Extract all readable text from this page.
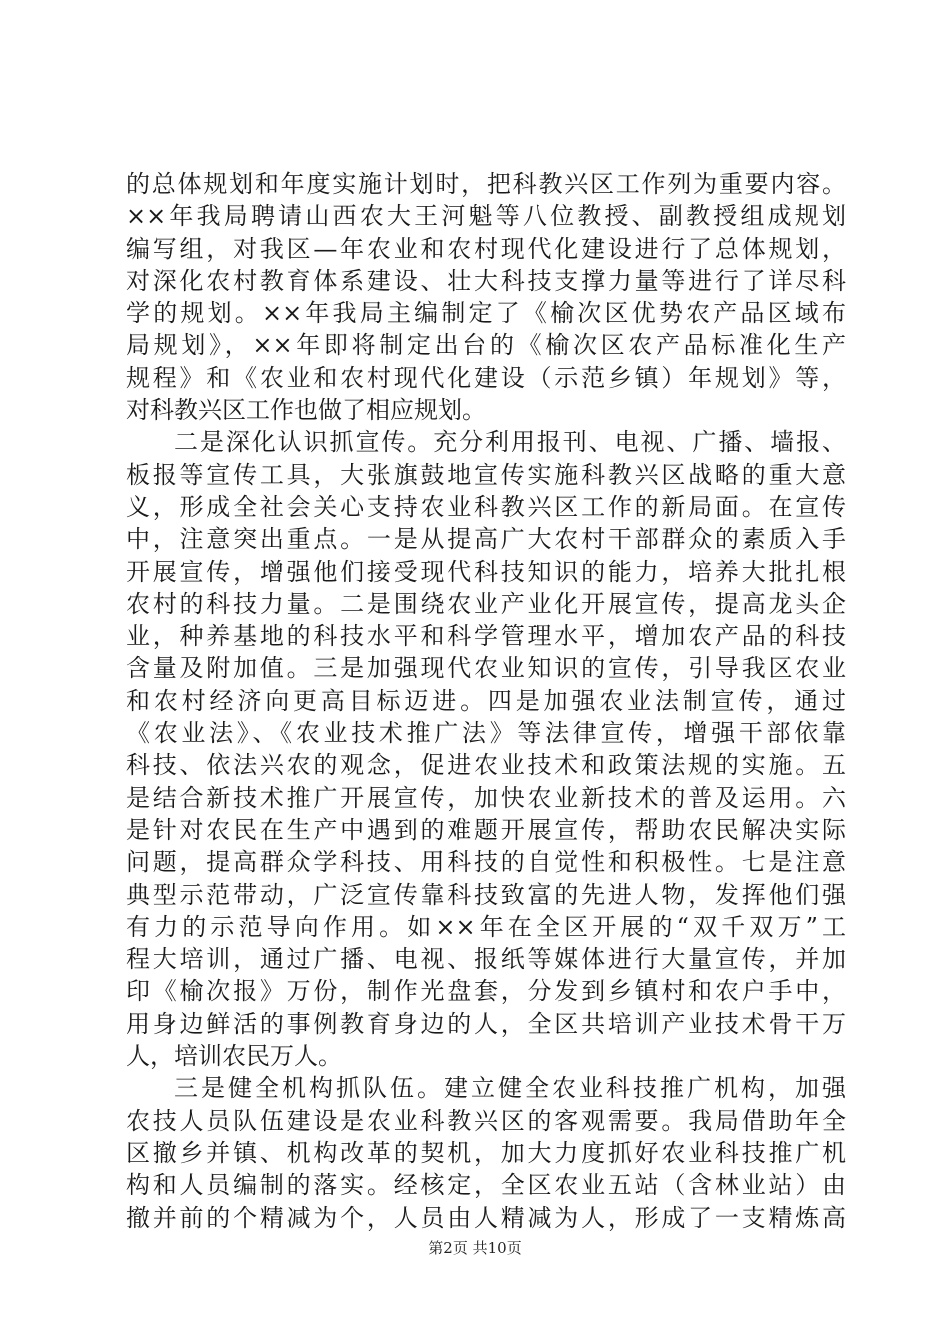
的总体规划和年度实施计划时，把科教兴区工作列为重要内容。
××年我局聘请山西农大王河魁等八位教授、副教授组成规划
编写组，对我区—年农业和农村现代化建设进行了总体规划，
对深化农村教育体系建设、壮大科技支撑力量等进行了详尽科
学的规划。××年我局主编制定了《榆次区优势农产品区域布
局规划》，××年即将制定出台的《榆次区农产品标准化生产
规程》和《农业和农村现代化建设（示范乡镇）年规划》等，
对科教兴区工作也做了相应规划。
二是深化认识抓宣传。充分利用报刊、电视、广播、墙报、
板报等宣传工具，大张旗鼓地宣传实施科教兴区战略的重大意
义，形成全社会关心支持农业科教兴区工作的新局面。在宣传
中，注意突出重点。一是从提高广大农村干部群众的素质入手
开展宣传，增强他们接受现代科技知识的能力，培养大批扎根
农村的科技力量。二是围绕农业产业化开展宣传，提高龙头企
业，种养基地的科技水平和科学管理水平，增加农产品的科技
含量及附加值。三是加强现代农业知识的宣传，引导我区农业
和农村经济向更高目标迈进。四是加强农业法制宣传，通过
《农业法》、《农业技术推广法》等法律宣传，增强干部依靠
科技、依法兴农的观念，促进农业技术和政策法规的实施。五
是结合新技术推广开展宣传，加快农业新技术的普及运用。六
是针对农民在生产中遇到的难题开展宣传，帮助农民解决实际
问题，提高群众学科技、用科技的自觉性和积极性。七是注意
典型示范带动，广泛宣传靠科技致富的先进人物，发挥他们强
有力的示范导向作用。如××年在全区开展的“双千双万”工
程大培训，通过广播、电视、报纸等媒体进行大量宣传，并加
印《榆次报》万份，制作光盘套，分发到乡镇村和农户手中，
用身边鲜活的事例教育身边的人，全区共培训产业技术骨干万
人，培训农民万人。
三是健全机构抓队伍。建立健全农业科技推广机构，加强
农技人员队伍建设是农业科教兴区的客观需要。我局借助年全
区撤乡并镇、机构改革的契机，加大力度抓好农业科技推广机
构和人员编制的落实。经核定，全区农业五站（含林业站）由
撤并前的个精减为个，人员由人精减为人，形成了一支精炼高
第2页 共10页
